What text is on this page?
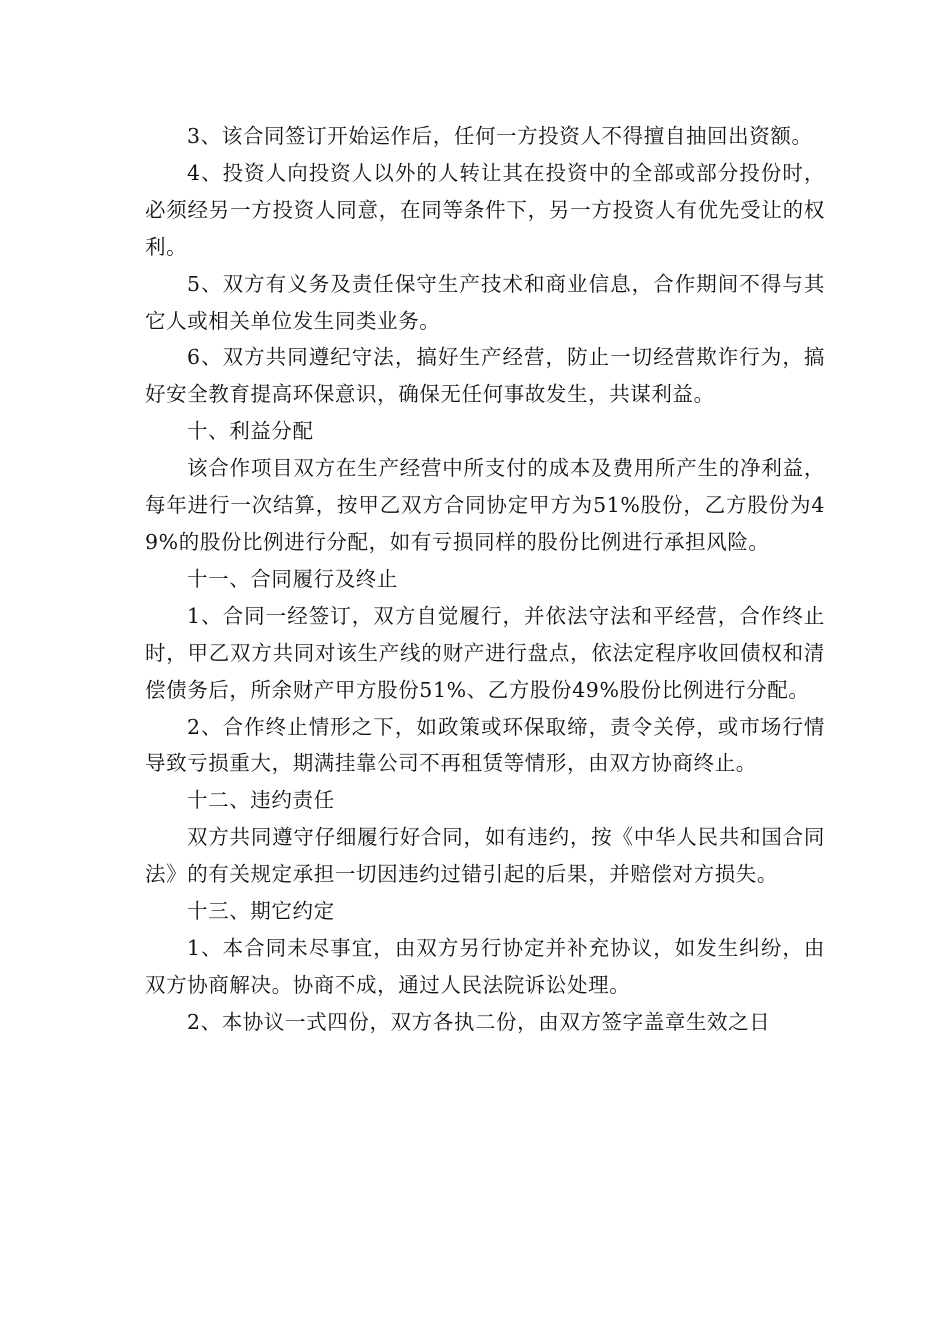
3、该合同签订开始运作后，任何一方投资人不得擅自抽回出资额。

4、投资人向投资人以外的人转让其在投资中的全部或部分投份时，必须经另一方投资人同意，在同等条件下，另一方投资人有优先受让的权利。

5、双方有义务及责任保守生产技术和商业信息，合作期间不得与其它人或相关单位发生同类业务。

6、双方共同遵纪守法，搞好生产经营，防止一切经营欺诈行为，搞好安全教育提高环保意识，确保无任何事故发生，共谋利益。

十、利益分配

该合作项目双方在生产经营中所支付的成本及费用所产生的净利益，每年进行一次结算，按甲乙双方合同协定甲方为51%股份，乙方股份为49%的股份比例进行分配，如有亏损同样的股份比例进行承担风险。

十一、合同履行及终止

1、合同一经签订，双方自觉履行，并依法守法和平经营，合作终止时，甲乙双方共同对该生产线的财产进行盘点，依法定程序收回债权和清偿债务后，所余财产甲方股份51%、乙方股份49%股份比例进行分配。

2、合作终止情形之下，如政策或环保取缔，责令关停，或市场行情导致亏损重大，期满挂靠公司不再租赁等情形，由双方协商终止。

十二、违约责任

双方共同遵守仔细履行好合同，如有违约，按《中华人民共和国合同法》的有关规定承担一切因违约过错引起的后果，并赔偿对方损失。

十三、期它约定

1、本合同未尽事宜，由双方另行协定并补充协议，如发生纠纷，由双方协商解决。协商不成，通过人民法院诉讼处理。

2、本协议一式四份，双方各执二份，由双方签字盖章生效之日
